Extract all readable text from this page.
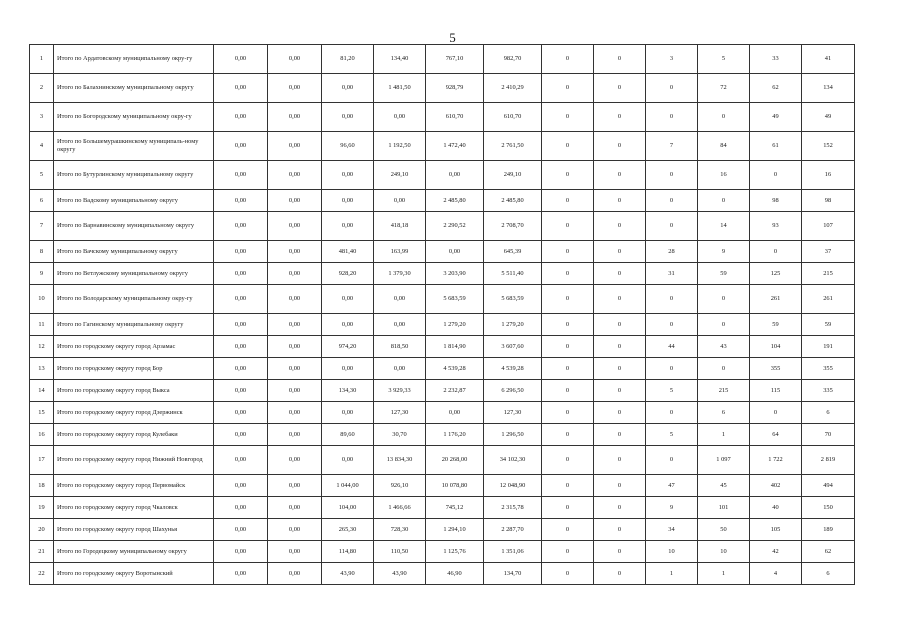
5
1	Итого по Ардатовскому муниципальному окру-гу	0,00	0,00	81,20	134,40	767,10	982,70	0	0	3	5	33	41
2	Итого по Балахнинскому муниципальному округу	0,00	0,00	0,00	1 481,50	928,79	2 410,29	0	0	0	72	62	134
3	Итого по Богородскому муниципальному окру-гу	0,00	0,00	0,00	0,00	610,70	610,70	0	0	0	0	49	49
4	Итого по Большемурашкинскому муниципаль-ному округу	0,00	0,00	96,60	1 192,50	1 472,40	2 761,50	0	0	7	84	61	152
5	Итого по Бутурлинскому муниципальному округу	0,00	0,00	0,00	249,10	0,00	249,10	0	0	0	16	0	16
6	Итого по Вадскому муниципальному округу	0,00	0,00	0,00	0,00	2 485,80	2 485,80	0	0	0	0	98	98
7	Итого по Варнавинскому муниципальному округу	0,00	0,00	0,00	418,18	2 290,52	2 708,70	0	0	0	14	93	107
8	Итого по Вачскому муниципальному округу	0,00	0,00	481,40	163,99	0,00	645,39	0	0	28	9	0	37
9	Итого по Ветлужскому муниципальному округу	0,00	0,00	928,20	1 379,30	3 203,90	5 511,40	0	0	31	59	125	215
10	Итого по Володарскому муниципальному окру-гу	0,00	0,00	0,00	0,00	5 683,59	5 683,59	0	0	0	0	261	261
11	Итого по Гагинскому муниципальному округу	0,00	0,00	0,00	0,00	1 279,20	1 279,20	0	0	0	0	59	59
12	Итого по городскому округу город Арзамас	0,00	0,00	974,20	818,50	1 814,90	3 607,60	0	0	44	43	104	191
13	Итого по городскому округу город Бор	0,00	0,00	0,00	0,00	4 539,28	4 539,28	0	0	0	0	355	355
14	Итого по городскому округу город Выкса	0,00	0,00	134,30	3 929,33	2 232,87	6 296,50	0	0	5	215	115	335
15	Итого по городскому округу город Дзержинск	0,00	0,00	0,00	127,30	0,00	127,30	0	0	0	6	0	6
16	Итого по городскому округу город Кулебаки	0,00	0,00	89,60	30,70	1 176,20	1 296,50	0	0	5	1	64	70
17	Итого по городскому округу город Нижний Новгород	0,00	0,00	0,00	13 834,30	20 268,00	34 102,30	0	0	0	1 097	1 722	2 819
18	Итого по городскому округу город Первомайск	0,00	0,00	1 044,00	926,10	10 078,80	12 048,90	0	0	47	45	402	494
19	Итого по городскому округу город Чкаловск	0,00	0,00	104,00	1 466,66	745,12	2 315,78	0	0	9	101	40	150
20	Итого по городскому округу город Шахунья	0,00	0,00	265,30	728,30	1 294,10	2 287,70	0	0	34	50	105	189
21	Итого по Городецкому муниципальному округу	0,00	0,00	114,80	110,50	1 125,76	1 351,06	0	0	10	10	42	62
22	Итого по городскому округу Воротынский	0,00	0,00	43,90	43,90	46,90	134,70	0	0	1	1	4	6
